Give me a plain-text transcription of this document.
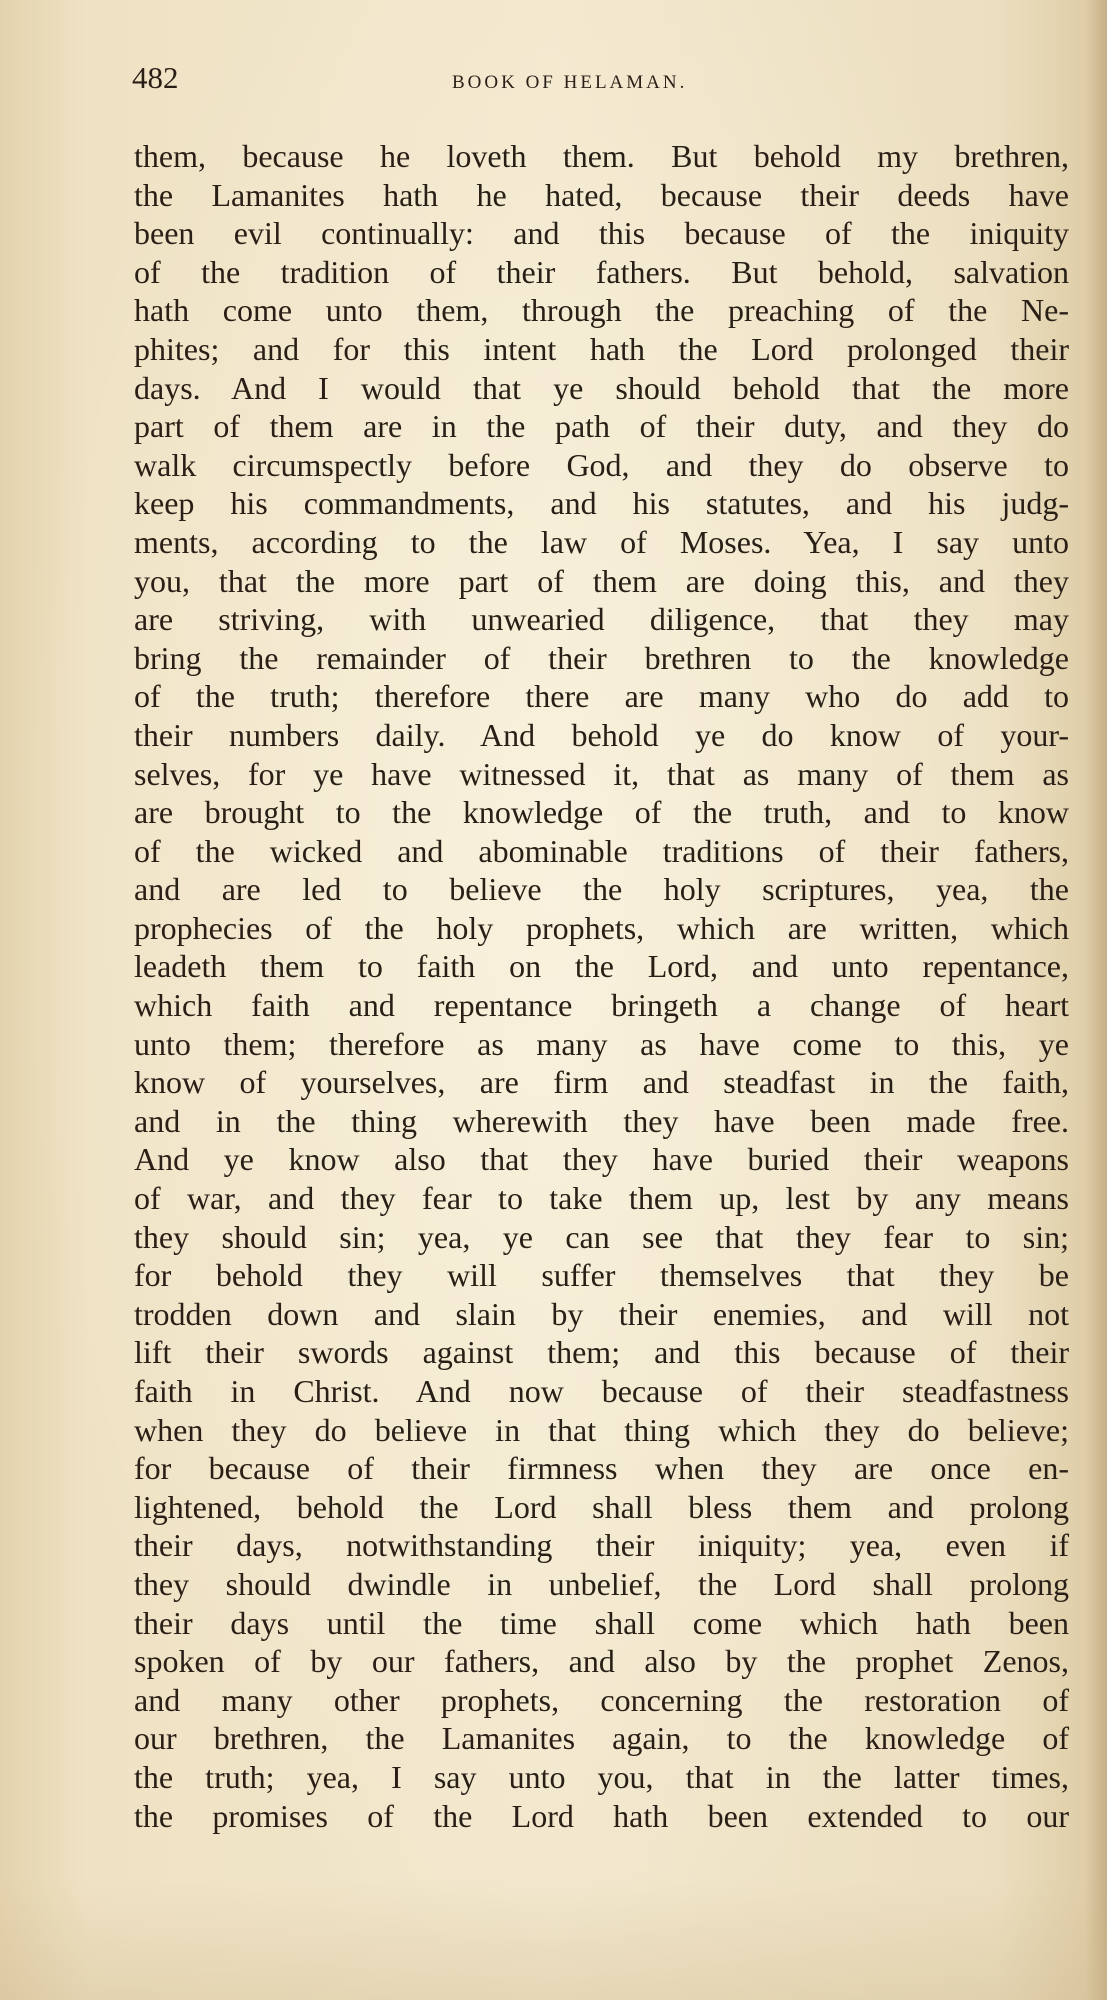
482	BOOK OF HELAMAN.
them, because he loveth them. But behold my brethren,
the Lamanites hath he hated, because their deeds have
been evil continually: and this because of the iniquity
of the tradition of their fathers. But behold, salvation
hath come unto them, through the preaching of the Ne-
phites; and for this intent hath the Lord prolonged their
days. And I would that ye should behold that the more
part of them are in the path of their duty, and they do
walk circumspectly before God, and they do observe to
keep his commandments, and his statutes, and his judg-
ments, according to the law of Moses. Yea, I say unto
you, that the more part of them are doing this, and they
are striving, with unwearied diligence, that they may
bring the remainder of their brethren to the knowledge
of the truth; therefore there are many who do add to
their numbers daily. And behold ye do know of your-
selves, for ye have witnessed it, that as many of them as
are brought to the knowledge of the truth, and to know
of the wicked and abominable traditions of their fathers,
and are led to believe the holy scriptures, yea, the
prophecies of the holy prophets, which are written, which
leadeth them to faith on the Lord, and unto repentance,
which faith and repentance bringeth a change of heart
unto them; therefore as many as have come to this, ye
know of yourselves, are firm and steadfast in the faith,
and in the thing wherewith they have been made free.
And ye know also that they have buried their weapons
of war, and they fear to take them up, lest by any means
they should sin; yea, ye can see that they fear to sin;
for behold they will suffer themselves that they be
trodden down and slain by their enemies, and will not
lift their swords against them; and this because of their
faith in Christ. And now because of their steadfastness
when they do believe in that thing which they do believe;
for because of their firmness when they are once en-
lightened, behold the Lord shall bless them and prolong
their days, notwithstanding their iniquity; yea, even if
they should dwindle in unbelief, the Lord shall prolong
their days until the time shall come which hath been
spoken of by our fathers, and also by the prophet Zenos,
and many other prophets, concerning the restoration of
our brethren, the Lamanites again, to the knowledge of
the truth; yea, I say unto you, that in the latter times,
the promises of the Lord hath been extended to our
